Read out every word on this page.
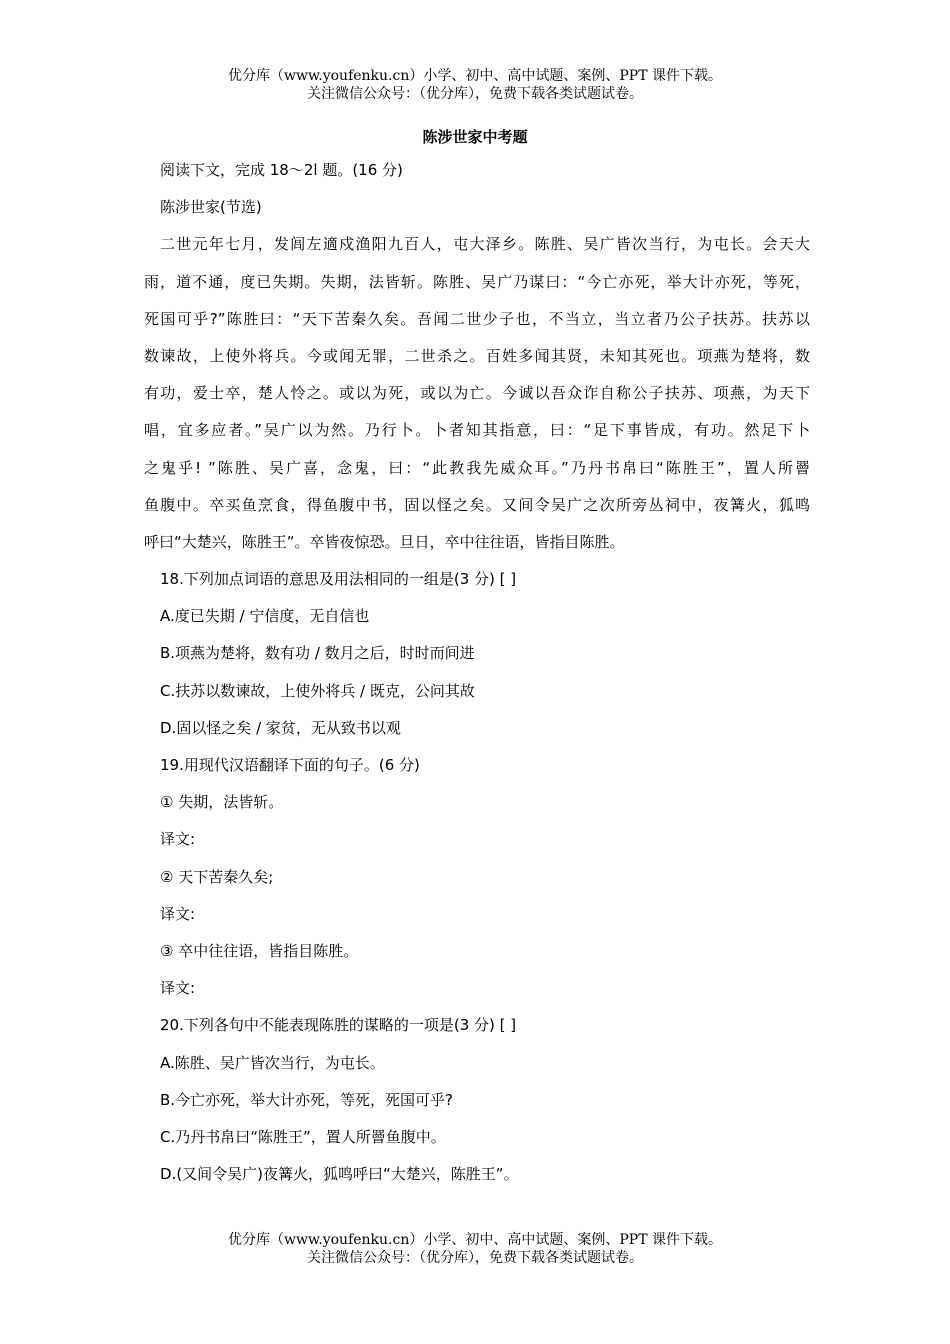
优分库（www.youfenku.cn）小学、初中、高中试题、案例、PPT 课件下载。
关注微信公众号：（优分库），免费下载各类试题试卷。
陈涉世家中考题
阅读下文，完成 18～2l 题。(16 分)
陈涉世家(节选)
二世元年七月，发闾左適戍渔阳九百人，屯大泽乡。陈胜、吴广皆次当行，为屯长。会天大
雨，道不通，度已失期。失期，法皆斩。陈胜、吴广乃谋曰：“今亡亦死，举大计亦死，等死，
死国可乎?”陈胜曰：“天下苦秦久矣。吾闻二世少子也，不当立，当立者乃公子扶苏。扶苏以
数谏故，上使外将兵。今或闻无罪，二世杀之。百姓多闻其贤，未知其死也。项燕为楚将，数
有功，爱士卒，楚人怜之。或以为死，或以为亡。今诚以吾众诈自称公子扶苏、项燕，为天下
唱，宜多应者。”吴广以为然。乃行卜。卜者知其指意，曰：“足下事皆成，有功。然足下卜
之鬼乎! ”陈胜、吴广喜，念鬼，曰：“此教我先威众耳。”乃丹书帛曰“陈胜王”，置人所罾
鱼腹中。卒买鱼烹食，得鱼腹中书，固以怪之矣。又间令吴广之次所旁丛祠中，夜篝火，狐鸣
呼曰“大楚兴，陈胜王”。卒皆夜惊恐。旦日，卒中往往语，皆指目陈胜。
18.下列加点词语的意思及用法相同的一组是(3 分) [ ]
A.度已失期 / 宁信度，无自信也
B.项燕为楚将，数有功 / 数月之后，时时而间进
C.扶苏以数谏故，上使外将兵 / 既克，公问其故
D.固以怪之矣 / 家贫，无从致书以观
19.用现代汉语翻译下面的句子。(6 分)
① 失期，法皆斩。
译文:
② 天下苦秦久矣;
译文:
③ 卒中往往语，皆指目陈胜。
译文:
20.下列各句中不能表现陈胜的谋略的一项是(3 分) [ ]
A.陈胜、吴广皆次当行，为屯长。
B.今亡亦死，举大计亦死，等死，死国可乎?
C.乃丹书帛曰“陈胜王”，置人所罾鱼腹中。
D.(又间令吴广)夜篝火，狐鸣呼曰“大楚兴，陈胜王”。
优分库（www.youfenku.cn）小学、初中、高中试题、案例、PPT 课件下载。
关注微信公众号：（优分库），免费下载各类试题试卷。
